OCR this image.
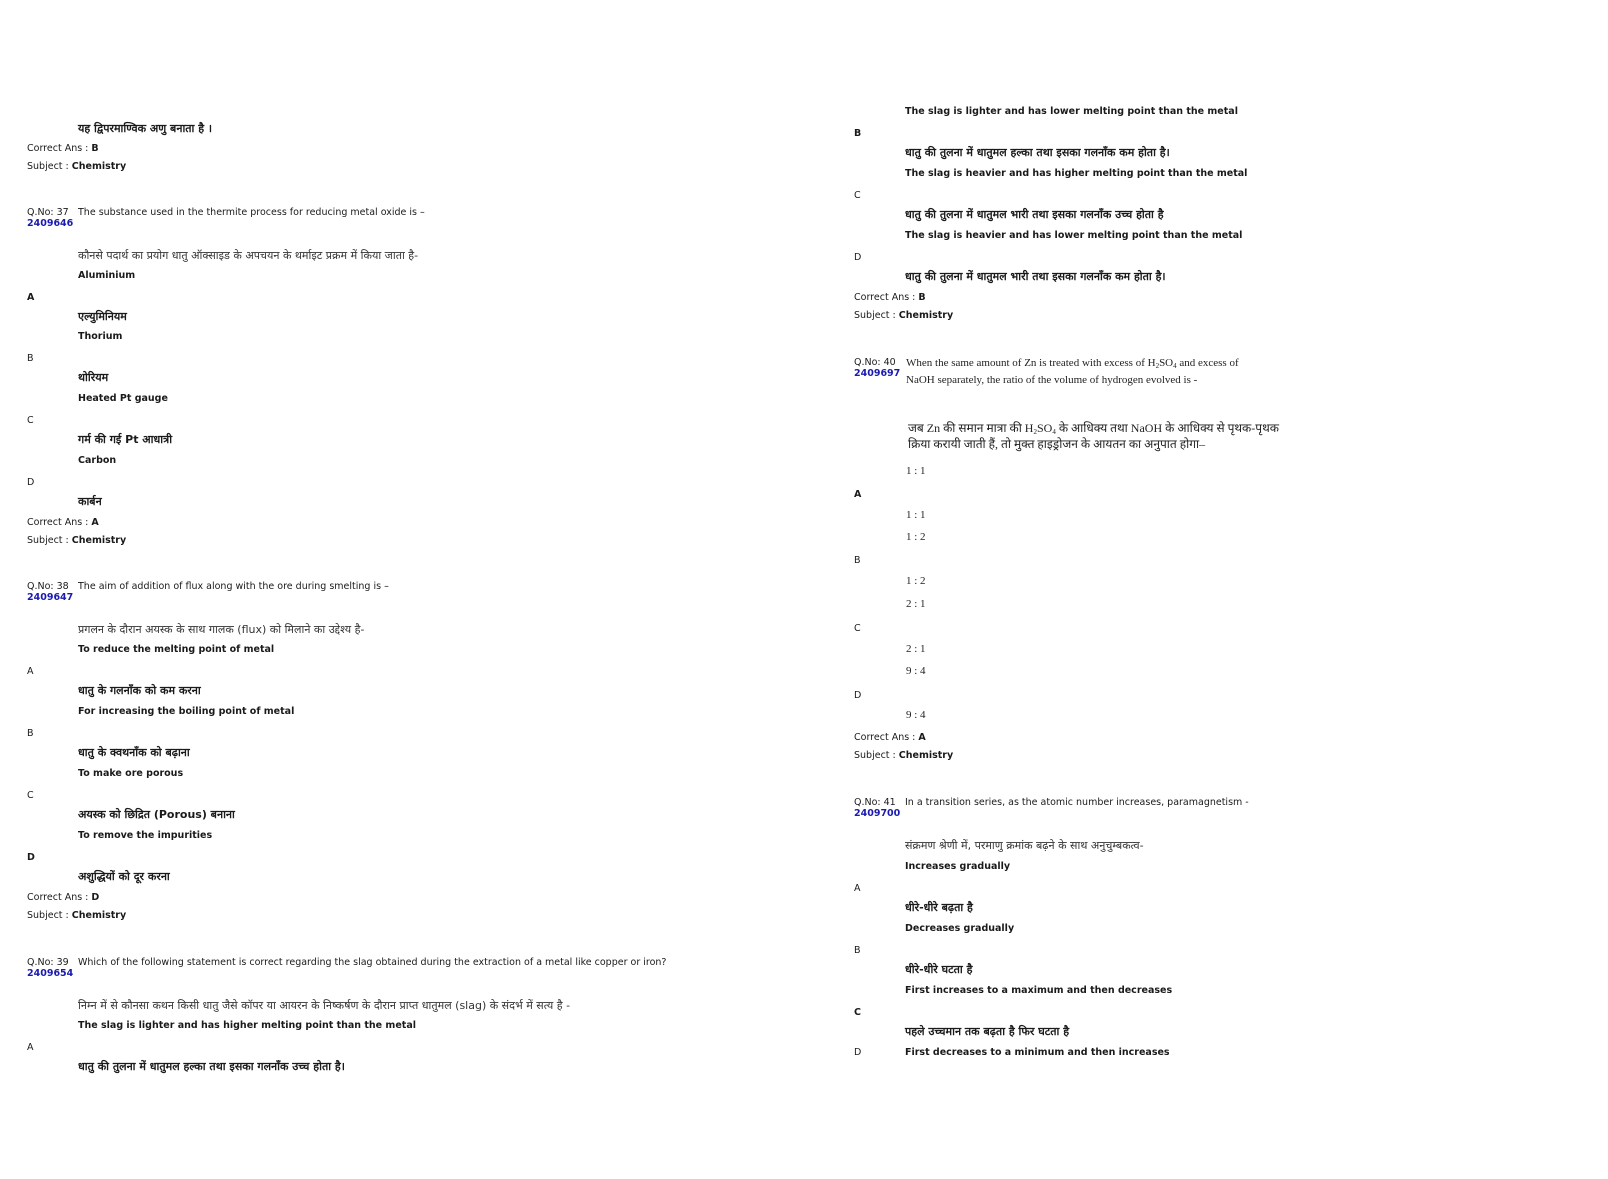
यह द्विपरमाण्विक अणु बनाता है ।
Correct Ans : B
Subject : Chemistry
Q.No: 37
2409646
The substance used in the thermite process for reducing metal oxide is –
कौनसे पदार्थ का प्रयोग धातु ऑक्साइड के अपचयन के थर्माइट प्रक्रम में किया जाता है-
Aluminium
A
एल्युमिनियम
Thorium
B
थोरियम
Heated Pt gauge
C
गर्म की गई Pt आधात्री
Carbon
D
कार्बन
Correct Ans : A
Subject : Chemistry
Q.No: 38
2409647
The aim of addition of flux along with the ore during smelting is –
प्रगलन के दौरान अयस्क के साथ गालक (flux) को मिलाने का उद्देश्य है-
To reduce the melting point of metal
A
धातु के गलनाँक को कम करना
For increasing the boiling point of metal
B
धातु के क्वथनाँक को बढ़ाना
To make ore porous
C
अयस्क को छिद्रित (Porous) बनाना
To remove the impurities
D
अशुद्धियों को दूर करना
Correct Ans : D
Subject : Chemistry
Q.No: 39
2409654
Which of the following statement is correct regarding the slag obtained during the extraction of a metal like copper or iron?
निम्न में से कौनसा कथन किसी धातु जैसे कॉपर या आयरन के निष्कर्षण के दौरान प्राप्त धातुमल (slag) के संदर्भ में सत्य है -
The slag is lighter and has higher melting point than the metal
A
धातु की तुलना में धातुमल हल्का तथा इसका गलनाँक उच्च होता है।
The slag is lighter and has lower melting point than the metal
B
धातु की तुलना में धातुमल हल्का तथा इसका गलनाँक कम होता है।
The slag is heavier and has higher melting point than the metal
C
धातु की तुलना में धातुमल भारी तथा इसका गलनाँक उच्च होता है
The slag is heavier and has lower melting point than the metal
D
धातु की तुलना में धातुमल भारी तथा इसका गलनाँक कम होता है।
Correct Ans : B
Subject : Chemistry
Q.No: 40
2409697
When the same amount of Zn is treated with excess of $H_2SO_4$ and excess of
NaOH separately, the ratio of the volume of hydrogen evolved is -
जब Zn की समान मात्रा की $H_2SO_4$ के आधिक्य तथा NaOH के आधिक्य से पृथक-पृथक
क्रिया करायी जाती हैं, तो मुक्त हाइड्रोजन के आयतन का अनुपात होगा–
1 : 1
A
1 : 1
1 : 2
B
1 : 2
2 : 1
C
2 : 1
9 : 4
D
9 : 4
Correct Ans : A
Subject : Chemistry
Q.No: 41
2409700
In a transition series, as the atomic number increases, paramagnetism -
संक्रमण श्रेणी में, परमाणु क्रमांक बढ़ने के साथ अनुचुम्बकत्व-
Increases gradually
A
धीरे-धीरे बढ़ता है
Decreases gradually
B
धीरे-धीरे घटता है
First increases to a maximum and then decreases
C
पहले उच्चमान तक बढ़ता है फिर घटता है
D	First decreases to a minimum and then increases
